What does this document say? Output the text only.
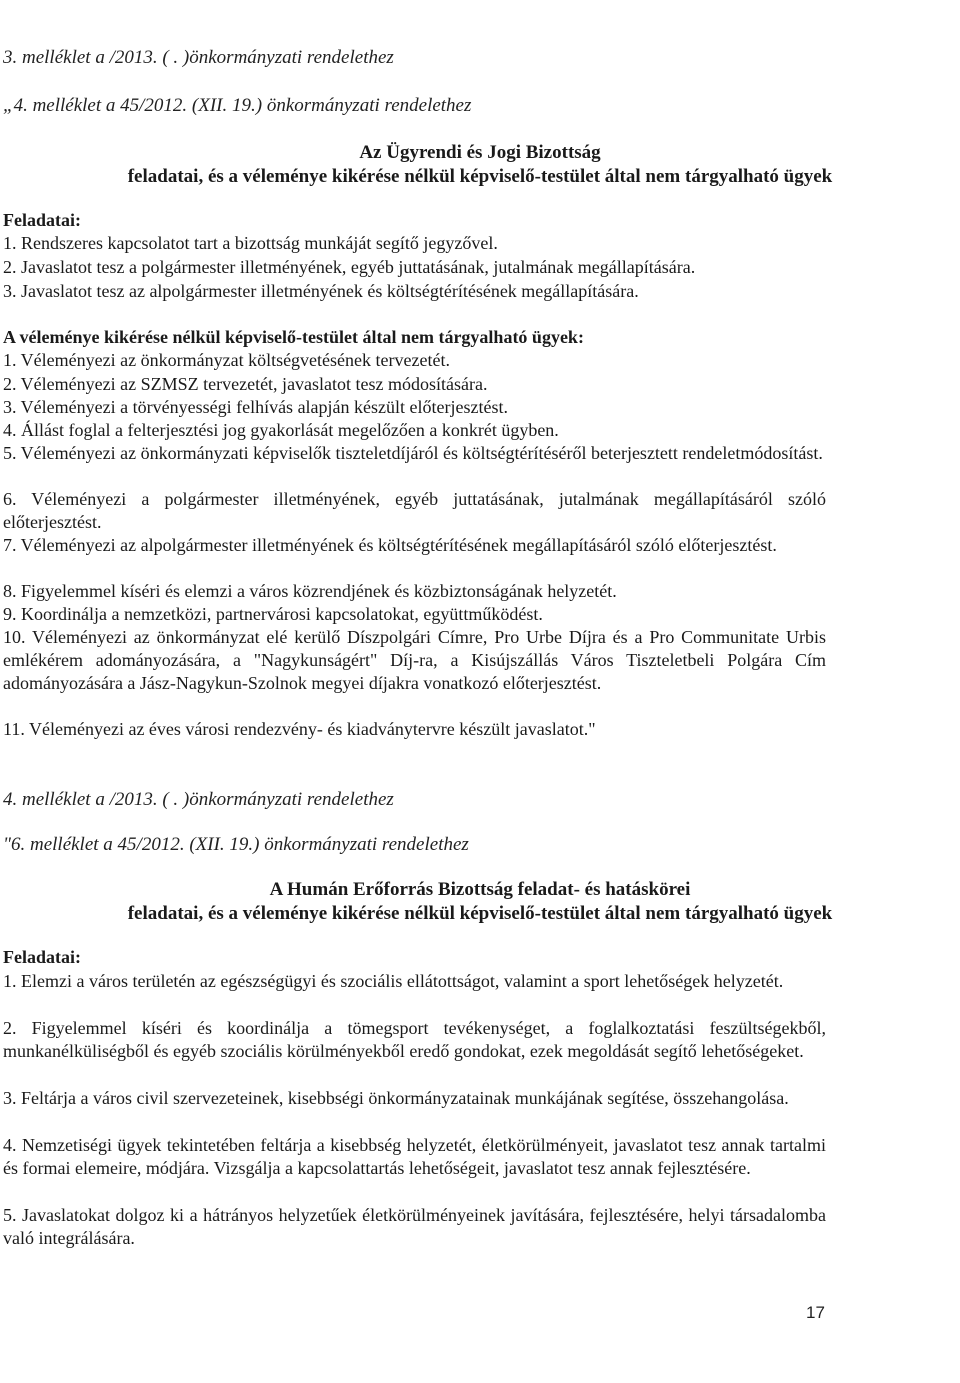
3. melléklet a /2013. ( . )önkormányzati rendelethez
„4. melléklet a 45/2012. (XII. 19.) önkormányzati rendelethez
Az Ügyrendi és Jogi Bizottság
feladatai, és a véleménye kikérése nélkül képviselő-testület által nem tárgyalható ügyek
Feladatai:
1. Rendszeres kapcsolatot tart a bizottság munkáját segítő jegyzővel.
2. Javaslatot tesz a polgármester illetményének, egyéb juttatásának, jutalmának megállapítására.
3. Javaslatot tesz az alpolgármester illetményének és költségtérítésének megállapítására.
A véleménye kikérése nélkül képviselő-testület által nem tárgyalható ügyek:
1. Véleményezi az önkormányzat költségvetésének tervezetét.
2. Véleményezi az SZMSZ tervezetét, javaslatot tesz módosítására.
3. Véleményezi a törvényességi felhívás alapján készült előterjesztést.
4. Állást foglal a felterjesztési jog gyakorlását megelőzően a konkrét ügyben.
5. Véleményezi az önkormányzati képviselők tiszteletdíjáról és költségtérítéséről beterjesztett rendeletmódosítást.
6. Véleményezi a polgármester illetményének, egyéb juttatásának, jutalmának megállapításáról szóló előterjesztést.
7. Véleményezi az alpolgármester illetményének és költségtérítésének megállapításáról szóló előterjesztést.
8. Figyelemmel kíséri és elemzi a város közrendjének és közbiztonságának helyzetét.
9. Koordinálja a nemzetközi, partnervárosi kapcsolatokat, együttműködést.
10. Véleményezi az önkormányzat elé kerülő Díszpolgári Címre, Pro Urbe Díjra és a Pro Communitate Urbis emlékérem adományozására, a "Nagykunságért" Díj-ra, a Kisújszállás Város Tiszteletbeli Polgára Cím adományozására a Jász-Nagykun-Szolnok megyei díjakra vonatkozó előterjesztést.
11. Véleményezi az éves városi rendezvény- és kiadványtervre készült javaslatot."
4. melléklet a /2013. ( . )önkormányzati rendelethez
"6. melléklet a 45/2012. (XII. 19.) önkormányzati rendelethez
A Humán Erőforrás Bizottság feladat- és hatáskörei
feladatai, és a véleménye kikérése nélkül képviselő-testület által nem tárgyalható ügyek
Feladatai:
1. Elemzi a város területén az egészségügyi és szociális ellátottságot, valamint a sport lehetőségek helyzetét.
2. Figyelemmel kíséri és koordinálja a tömegsport tevékenységet, a foglalkoztatási feszültségekből, munkanélküliségből és egyéb szociális körülményekből eredő gondokat, ezek megoldását segítő lehetőségeket.
3. Feltárja a város civil szervezeteinek, kisebbségi önkormányzatainak munkájának segítése, összehangolása.
4. Nemzetiségi ügyek tekintetében feltárja a kisebbség helyzetét, életkörülményeit, javaslatot tesz annak tartalmi és formai elemeire, módjára. Vizsgálja a kapcsolattartás lehetőségeit, javaslatot tesz annak fejlesztésére.
5. Javaslatokat dolgoz ki a hátrányos helyzetűek életkörülményeinek javítására, fejlesztésére, helyi társadalomba való integrálására.
17
